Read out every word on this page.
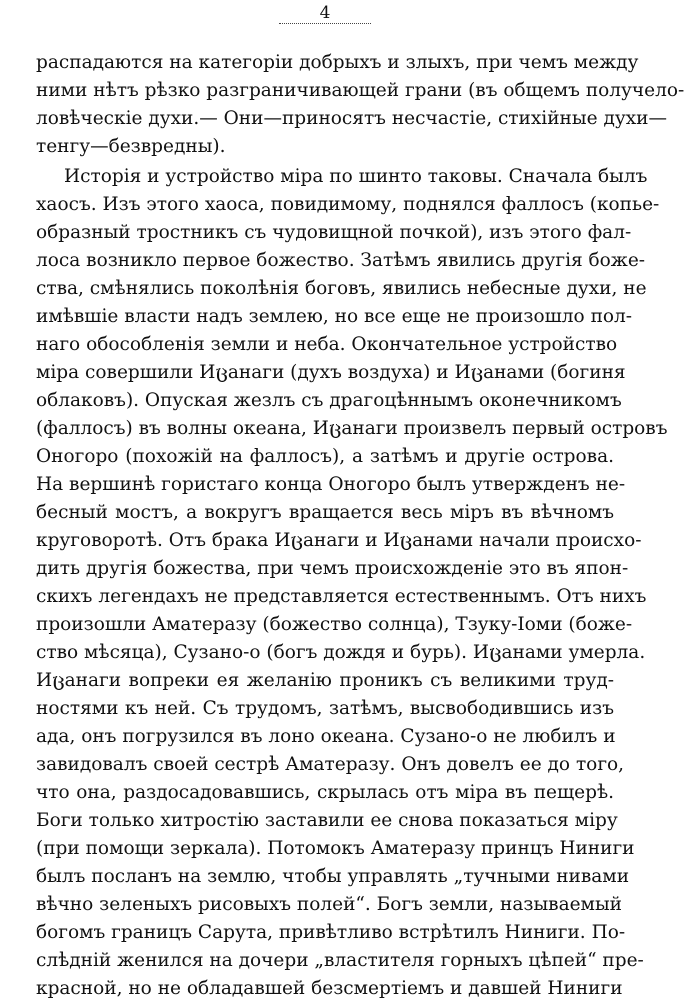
4
распадаются на категоріи добрыхъ и злыхъ, при чемъ между
ними нѣтъ рѣзко разграничивающей грани (въ общемъ получело-
ловѣческіе духи.— Они—приносятъ несчастіе, стихійные духи—
тенгу—безвредны).
Исторія и устройство міра по шинто таковы. Сначала былъ
хаосъ. Изъ этого хаоса, повидимому, поднялся фаллосъ (копье-
образный тростникъ съ чудовищной почкой), изъ этого фал-
лоса возникло первое божество. Затѣмъ явились другія боже-
ства, смѣнялись поколѣнія боговъ, явились небесные духи, не
имѣвшіе власти надъ землею, но все еще не произошло пол-
наго обособленія земли и неба. Окончательное устройство
міра совершили Иცанаги (духъ воздуха) и Иცанами (богиня
облаковъ). Опуская жезлъ съ драгоцѣннымъ оконечникомъ
(фаллосъ) въ волны океана, Иცанаги произвелъ первый островъ
Оногоро (похожій на фаллосъ), а затѣмъ и другіе острова.
На вершинѣ гористаго конца Оногоро былъ утвержденъ не-
бесный мостъ, а вокругъ вращается весь міръ въ вѣчномъ
круговоротѣ. Отъ брака Иცанаги и Иცанами начали происхо-
дить другія божества, при чемъ происхожденіе это въ япон-
скихъ легендахъ не представляется естественнымъ. Отъ нихъ
произошли Аматеразу (божество солнца), Тзуку-Іоми (боже-
ство мѣсяца), Сузано-о (богъ дождя и бурь). Иცанами умерла.
Иცанаги вопреки ея желанію проникъ съ великими труд-
ностями къ ней. Съ трудомъ, затѣмъ, высвободившись изъ
ада, онъ погрузился въ лоно океана. Сузано-о не любилъ и
завидовалъ своей сестрѣ Аматеразу. Онъ довелъ ее до того,
что она, раздосадовавшись, скрылась отъ міра въ пещерѣ.
Боги только хитростію заставили ее снова показаться міру
(при помощи зеркала). Потомокъ Аматеразу принцъ Ниниги
былъ посланъ на землю, чтобы управлять „тучными нивами
вѣчно зеленыхъ рисовыхъ полей“. Богъ земли, называемый
богомъ границъ Сарута, привѣтливо встрѣтилъ Ниниги. По-
слѣдній женился на дочери „властителя горныхъ цѣпей“ пре-
красной, но не обладавшей безсмертіемъ и давшей Ниниги
